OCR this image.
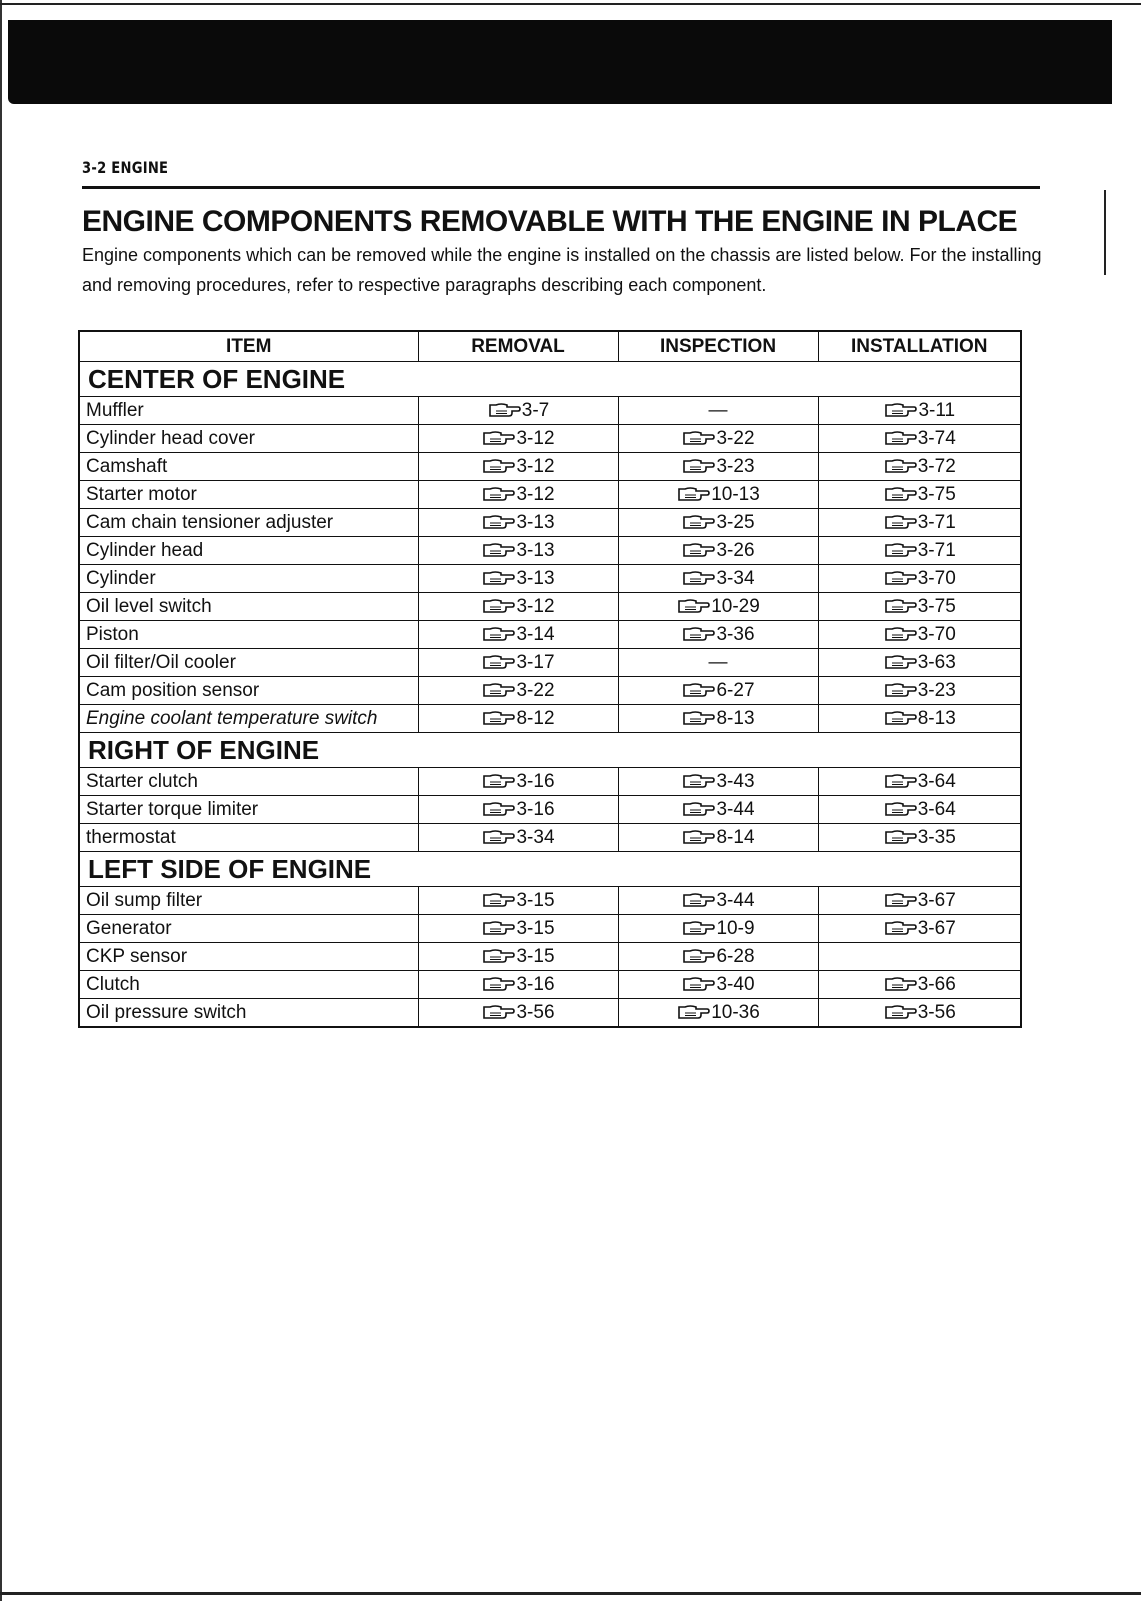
3-2 ENGINE
ENGINE COMPONENTS REMOVABLE WITH THE ENGINE IN PLACE

Engine components which can be removed while the engine is installed on the chassis are listed below. For the installing and removing procedures, refer to respective paragraphs describing each component.

ITEM	REMOVAL	INSPECTION	INSTALLATION
CENTER OF ENGINE			
Muffler	3-7	—	3-11
Cylinder head cover	3-12	3-22	3-74
Camshaft	3-12	3-23	3-72
Starter motor	3-12	10-13	3-75
Cam chain tensioner adjuster	3-13	3-25	3-71
Cylinder head	3-13	3-26	3-71
Cylinder	3-13	3-34	3-70
Oil level switch	3-12	10-29	3-75
Piston	3-14	3-36	3-70
Oil filter/Oil cooler	3-17	—	3-63
Cam position sensor	3-22	6-27	3-23
Engine coolant temperature switch	8-12	8-13	8-13
RIGHT OF ENGINE			
Starter clutch	3-16	3-43	3-64
Starter torque limiter	3-16	3-44	3-64
thermostat	3-34	8-14	3-35
LEFT SIDE OF ENGINE			
Oil sump filter	3-15	3-44	3-67
Generator	3-15	10-9	3-67
CKP sensor	3-15	6-28	
Clutch	3-16	3-40	3-66
Oil pressure switch	3-56	10-36	3-56
